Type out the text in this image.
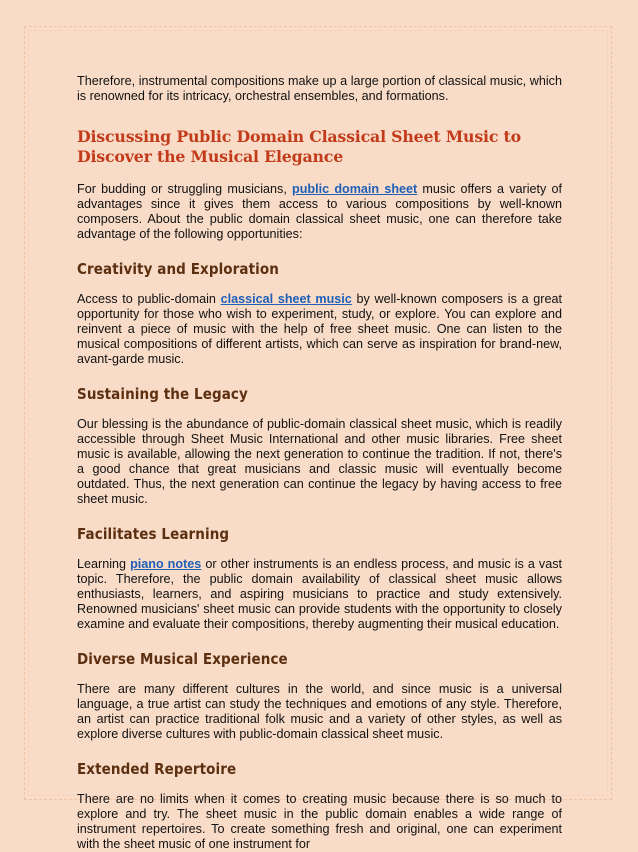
Therefore, instrumental compositions make up a large portion of classical music, which is renowned for its intricacy, orchestral ensembles, and formations.

Discussing Public Domain Classical Sheet Music to Discover the Musical Elegance

For budding or struggling musicians, public domain sheet music offers a variety of advantages since it gives them access to various compositions by well-known composers. About the public domain classical sheet music, one can therefore take advantage of the following opportunities:

Creativity and Exploration

Access to public-domain classical sheet music by well-known composers is a great opportunity for those who wish to experiment, study, or explore. You can explore and reinvent a piece of music with the help of free sheet music. One can listen to the musical compositions of different artists, which can serve as inspiration for brand-new, avant-garde music.

Sustaining the Legacy

Our blessing is the abundance of public-domain classical sheet music, which is readily accessible through Sheet Music International and other music libraries. Free sheet music is available, allowing the next generation to continue the tradition. If not, there's a good chance that great musicians and classic music will eventually become outdated. Thus, the next generation can continue the legacy by having access to free sheet music.

Facilitates Learning

Learning piano notes or other instruments is an endless process, and music is a vast topic. Therefore, the public domain availability of classical sheet music allows enthusiasts, learners, and aspiring musicians to practice and study extensively. Renowned musicians' sheet music can provide students with the opportunity to closely examine and evaluate their compositions, thereby augmenting their musical education.

Diverse Musical Experience

There are many different cultures in the world, and since music is a universal language, a true artist can study the techniques and emotions of any style. Therefore, an artist can practice traditional folk music and a variety of other styles, as well as explore diverse cultures with public-domain classical sheet music.

Extended Repertoire

There are no limits when it comes to creating music because there is so much to explore and try. The sheet music in the public domain enables a wide range of instrument repertoires. To create something fresh and original, one can experiment with the sheet music of one instrument for
